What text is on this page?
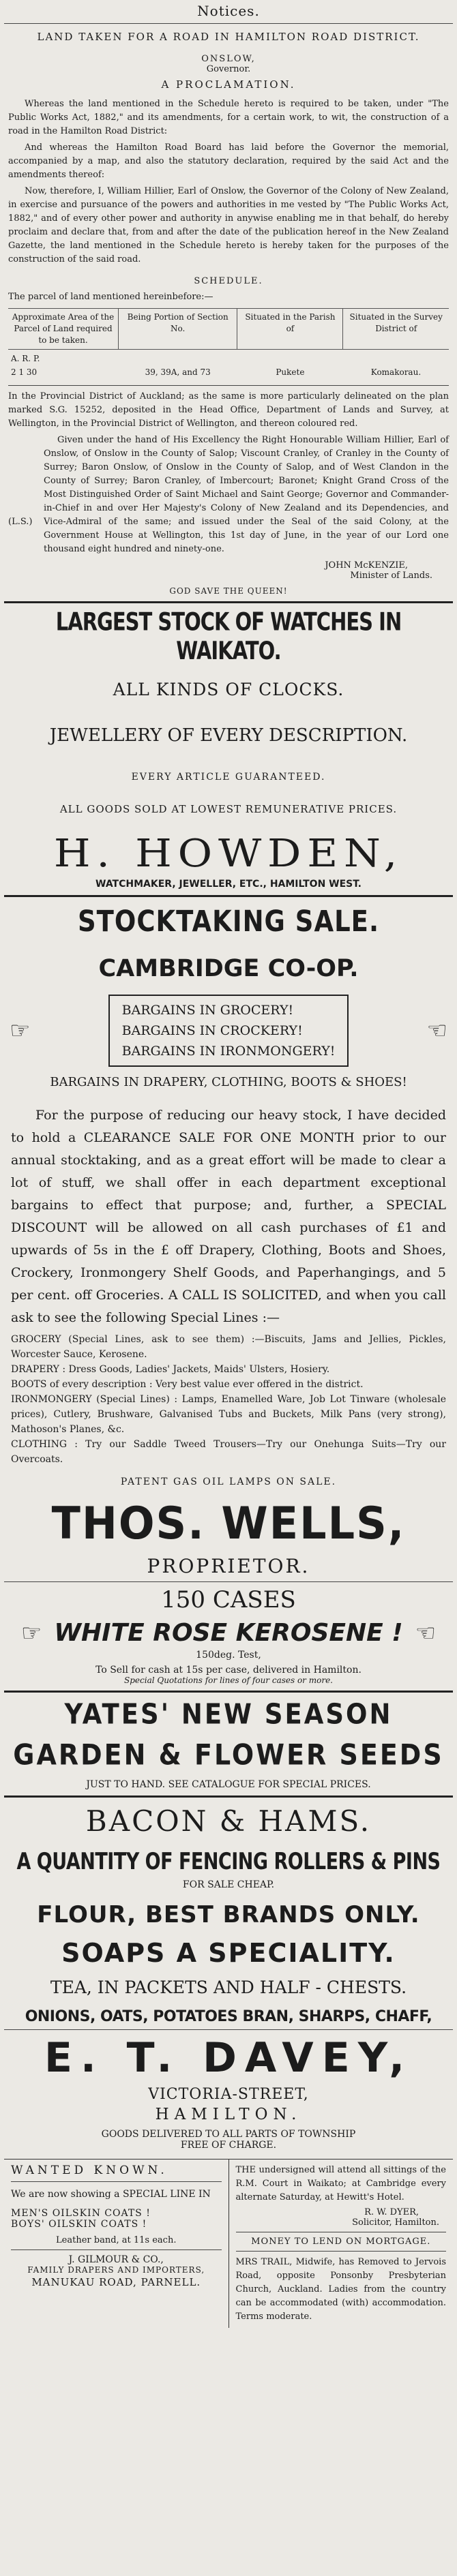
Notices.
LAND TAKEN FOR A ROAD IN HAMILTON ROAD DISTRICT.
ONSLOW,
Governor.
A PROCLAMATION.

Whereas the land mentioned in the Schedule hereto is required to be taken, under "The Public Works Act, 1882," and its amendments, for a certain work, to wit, the construction of a road in the Hamilton Road District:

And whereas the Hamilton Road Board has laid before the Governor the memorial, accompanied by a map, and also the statutory declaration, required by the said Act and the amendments thereof:

Now, therefore, I, William Hillier, Earl of Onslow, the Governor of the Colony of New Zealand, in exercise and pursuance of the powers and authorities in me vested by "The Public Works Act, 1882," and of every other power and authority in anywise enabling me in that behalf, do hereby proclaim and declare that, from and after the date of the publication hereof in the New Zealand Gazette, the land mentioned in the Schedule hereto is hereby taken for the purposes of the construction of the said road.

SCHEDULE.
The parcel of land mentioned hereinbefore:—
Approximate Area of the Parcel of Land required to be taken.	Being Portion of Section No.	Situated in the Parish of	Situated in the Survey District of
A. R. P.			
2 1 30	39, 39A, and 73	Pukete	Komakorau.

In the Provincial District of Auckland; as the same is more particularly delineated on the plan marked S.G. 15252, deposited in the Head Office, Department of Lands and Survey, at Wellington, in the Provincial District of Wellington, and thereon coloured red.

(L.S.)

Given under the hand of His Excellency the Right Honourable William Hillier, Earl of Onslow, of Onslow in the County of Salop; Viscount Cranley, of Cranley in the County of Surrey; Baron Onslow, of Onslow in the County of Salop, and of West Clandon in the County of Surrey; Baron Cranley, of Imbercourt; Baronet; Knight Grand Cross of the Most Distinguished Order of Saint Michael and Saint George; Governor and Commander-in-Chief in and over Her Majesty's Colony of New Zealand and its Dependencies, and Vice-Admiral of the same; and issued under the Seal of the said Colony, at the Government House at Wellington, this 1st day of June, in the year of our Lord one thousand eight hundred and ninety-one.

JOHN McKENZIE,
Minister of Lands.
GOD SAVE THE QUEEN!
LARGEST STOCK OF WATCHES IN WAIKATO.
ALL KINDS OF CLOCKS.
JEWELLERY OF EVERY DESCRIPTION.
EVERY ARTICLE GUARANTEED.
ALL GOODS SOLD AT LOWEST REMUNERATIVE PRICES.
H. HOWDEN,
WATCHMAKER, JEWELLER, ETC., HAMILTON WEST.
STOCKTAKING SALE.
CAMBRIDGE CO-OP.
☞
BARGAINS IN GROCERY!
BARGAINS IN CROCKERY!
BARGAINS IN IRONMONGERY!
☜
BARGAINS IN DRAPERY, CLOTHING, BOOTS & SHOES!

For the purpose of reducing our heavy stock, I have decided to hold a CLEARANCE SALE FOR ONE MONTH prior to our annual stocktaking, and as a great effort will be made to clear a lot of stuff, we shall offer in each department exceptional bargains to effect that purpose; and, further, a SPECIAL DISCOUNT will be allowed on all cash purchases of £1 and upwards of 5s in the £ off Drapery, Clothing, Boots and Shoes, Crockery, Ironmongery Shelf Goods, and Paperhangings, and 5 per cent. off Groceries. A CALL IS SOLICITED, and when you call ask to see the following Special Lines :—

GROCERY (Special Lines, ask to see them) :—Biscuits, Jams and Jellies, Pickles, Worcester Sauce, Kerosene.
DRAPERY : Dress Goods, Ladies' Jackets, Maids' Ulsters, Hosiery.
BOOTS of every description : Very best value ever offered in the district.
IRONMONGERY (Special Lines) : Lamps, Enamelled Ware, Job Lot Tinware (wholesale prices), Cutlery, Brushware, Galvanised Tubs and Buckets, Milk Pans (very strong), Mathoson's Planes, &c.
CLOTHING : Try our Saddle Tweed Trousers—Try our Onehunga Suits—Try our Overcoats.
PATENT GAS OIL LAMPS ON SALE.
THOS. WELLS,
PROPRIETOR.
150 CASES
☞ WHITE ROSE KEROSENE ! ☜
150deg. Test,
To Sell for cash at 15s per case, delivered in Hamilton.
Special Quotations for lines of four cases or more.
YATES' NEW SEASON
GARDEN & FLOWER SEEDS
JUST TO HAND. SEE CATALOGUE FOR SPECIAL PRICES.
BACON & HAMS.
A QUANTITY OF FENCING ROLLERS & PINS
FOR SALE CHEAP.
FLOUR, BEST BRANDS ONLY.
SOAPS A SPECIALITY.
TEA, IN PACKETS AND HALF - CHESTS.
ONIONS, OATS, POTATOES BRAN, SHARPS, CHAFF,
E. T. DAVEY,
VICTORIA-STREET,
HAMILTON.
GOODS DELIVERED TO ALL PARTS OF TOWNSHIP
FREE OF CHARGE.
WANTED KNOWN.
We are now showing a SPECIAL LINE IN
MEN'S OILSKIN COATS !
BOYS' OILSKIN COATS !
Leather band, at 11s each.
J. GILMOUR & CO.,
FAMILY DRAPERS AND IMPORTERS,
MANUKAU ROAD, PARNELL.
THE undersigned will attend all sittings of the R.M. Court in Waikato; at Cambridge every alternate Saturday, at Hewitt's Hotel.
R. W. DYER,
Solicitor, Hamilton.
MONEY TO LEND ON MORTGAGE.
MRS TRAIL, Midwife, has Removed to Jervois Road, opposite Ponsonby Presbyterian Church, Auckland. Ladies from the country can be accommodated (with) accommodation. Terms moderate.
